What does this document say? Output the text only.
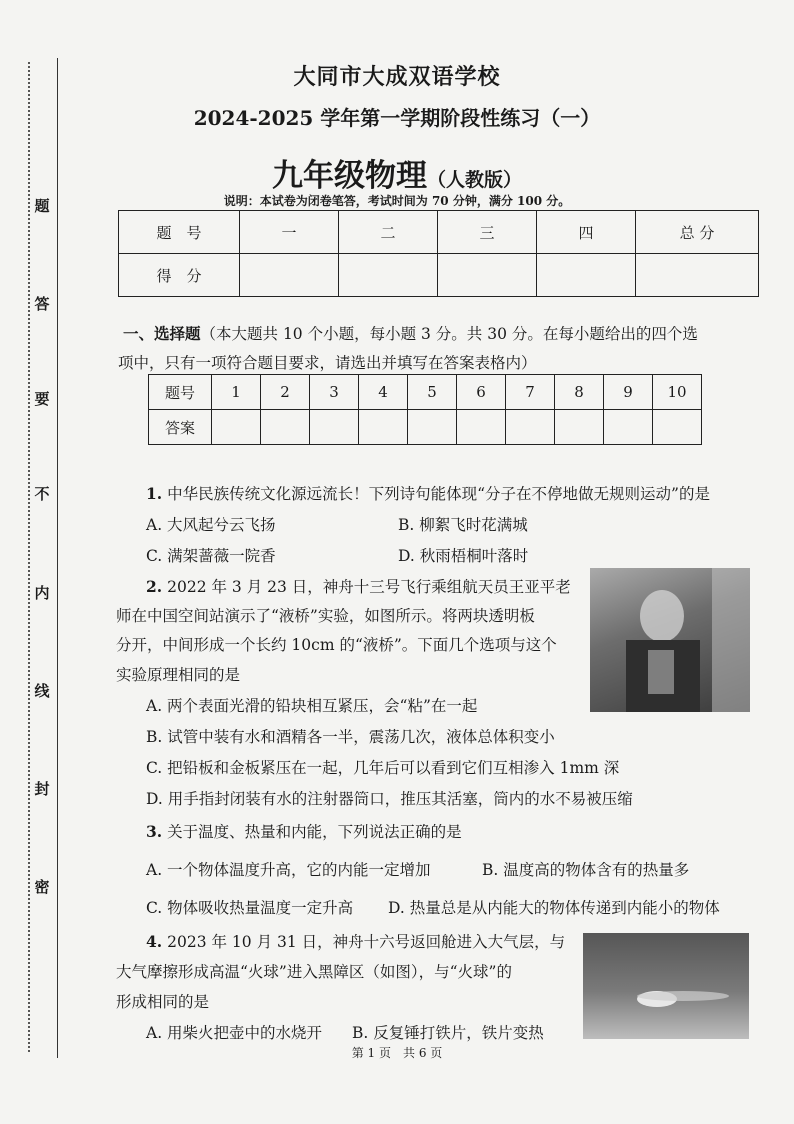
题
答
要
不
内
线
封
密
大同市大成双语学校
2024-2025 学年第一学期阶段性练习（一）
九年级物理（人教版）
说明：本试卷为闭卷笔答，考试时间为 70 分钟，满分 100 分。
题　号	一	二	三	四	总 分
得　分					
一、选择题（本大题共 10 个小题，每小题 3 分。共 30 分。在每小题给出的四个选
项中，只有一项符合题目要求，请选出并填写在答案表格内）
题号	1	2	3	4	5	6	7	8	9	10
答案										
1. 中华民族传统文化源远流长！下列诗句能体现“分子在不停地做无规则运动”的是
A. 大风起兮云飞扬	B. 柳絮飞时花满城
C. 满架蔷薇一院香	D. 秋雨梧桐叶落时
2. 2022 年 3 月 23 日，神舟十三号飞行乘组航天员王亚平老
师在中国空间站演示了“液桥”实验，如图所示。将两块透明板
分开，中间形成一个长约 10cm 的“液桥”。下面几个选项与这个
实验原理相同的是
A. 两个表面光滑的铅块相互紧压，会“粘”在一起
B. 试管中装有水和酒精各一半，震荡几次，液体总体积变小
C. 把铅板和金板紧压在一起，几年后可以看到它们互相渗入 1mm 深
D. 用手指封闭装有水的注射器筒口，推压其活塞，筒内的水不易被压缩
3. 关于温度、热量和内能，下列说法正确的是
A. 一个物体温度升高，它的内能一定增加	B. 温度高的物体含有的热量多
C. 物体吸收热量温度一定升高 D. 热量总是从内能大的物体传递到内能小的物体
4. 2023 年 10 月 31 日，神舟十六号返回舱进入大气层，与
大气摩擦形成高温“火球”进入黑障区（如图），与“火球”的
形成相同的是
A. 用柴火把壶中的水烧开 B. 反复锤打铁片，铁片变热
第 1 页　共 6 页
